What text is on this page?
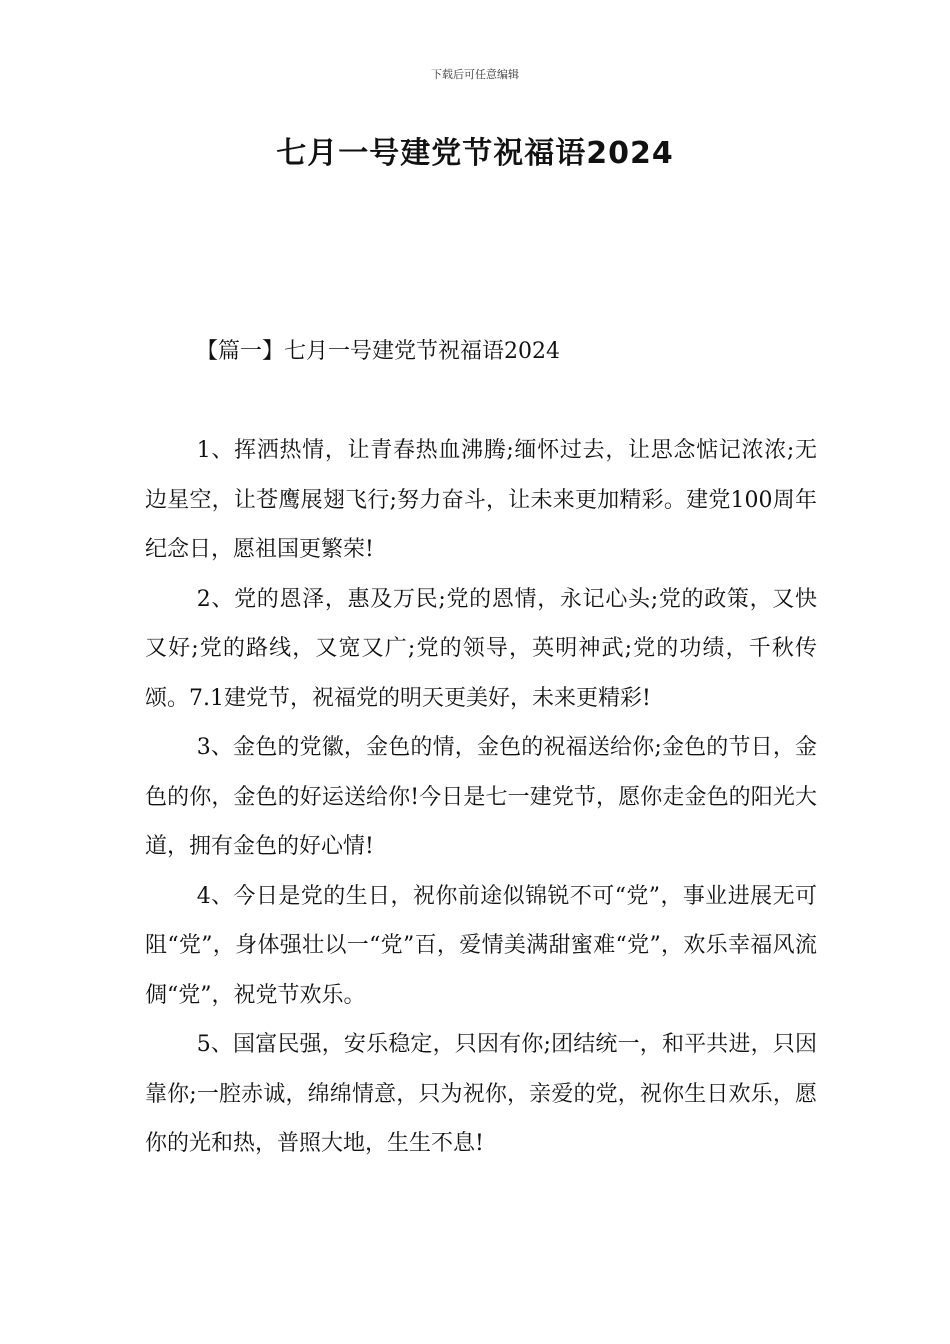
下载后可任意编辑
七月一号建党节祝福语2024
【篇一】七月一号建党节祝福语2024

1、挥洒热情，让青春热血沸腾;缅怀过去，让思念惦记浓浓;无边星空，让苍鹰展翅飞行;努力奋斗，让未来更加精彩。建党100周年纪念日，愿祖国更繁荣!

2、党的恩泽，惠及万民;党的恩情，永记心头;党的政策，又快又好;党的路线，又宽又广;党的领导，英明神武;党的功绩，千秋传颂。7.1建党节，祝福党的明天更美好，未来更精彩!

3、金色的党徽，金色的情，金色的祝福送给你;金色的节日，金色的你，金色的好运送给你!今日是七一建党节，愿你走金色的阳光大道，拥有金色的好心情!

4、今日是党的生日，祝你前途似锦锐不可“党”，事业进展无可阻“党”，身体强壮以一“党”百，爱情美满甜蜜难“党”，欢乐幸福风流倜“党”，祝党节欢乐。

5、国富民强，安乐稳定，只因有你;团结统一，和平共进，只因靠你;一腔赤诚，绵绵情意，只为祝你，亲爱的党，祝你生日欢乐，愿你的光和热，普照大地，生生不息!
